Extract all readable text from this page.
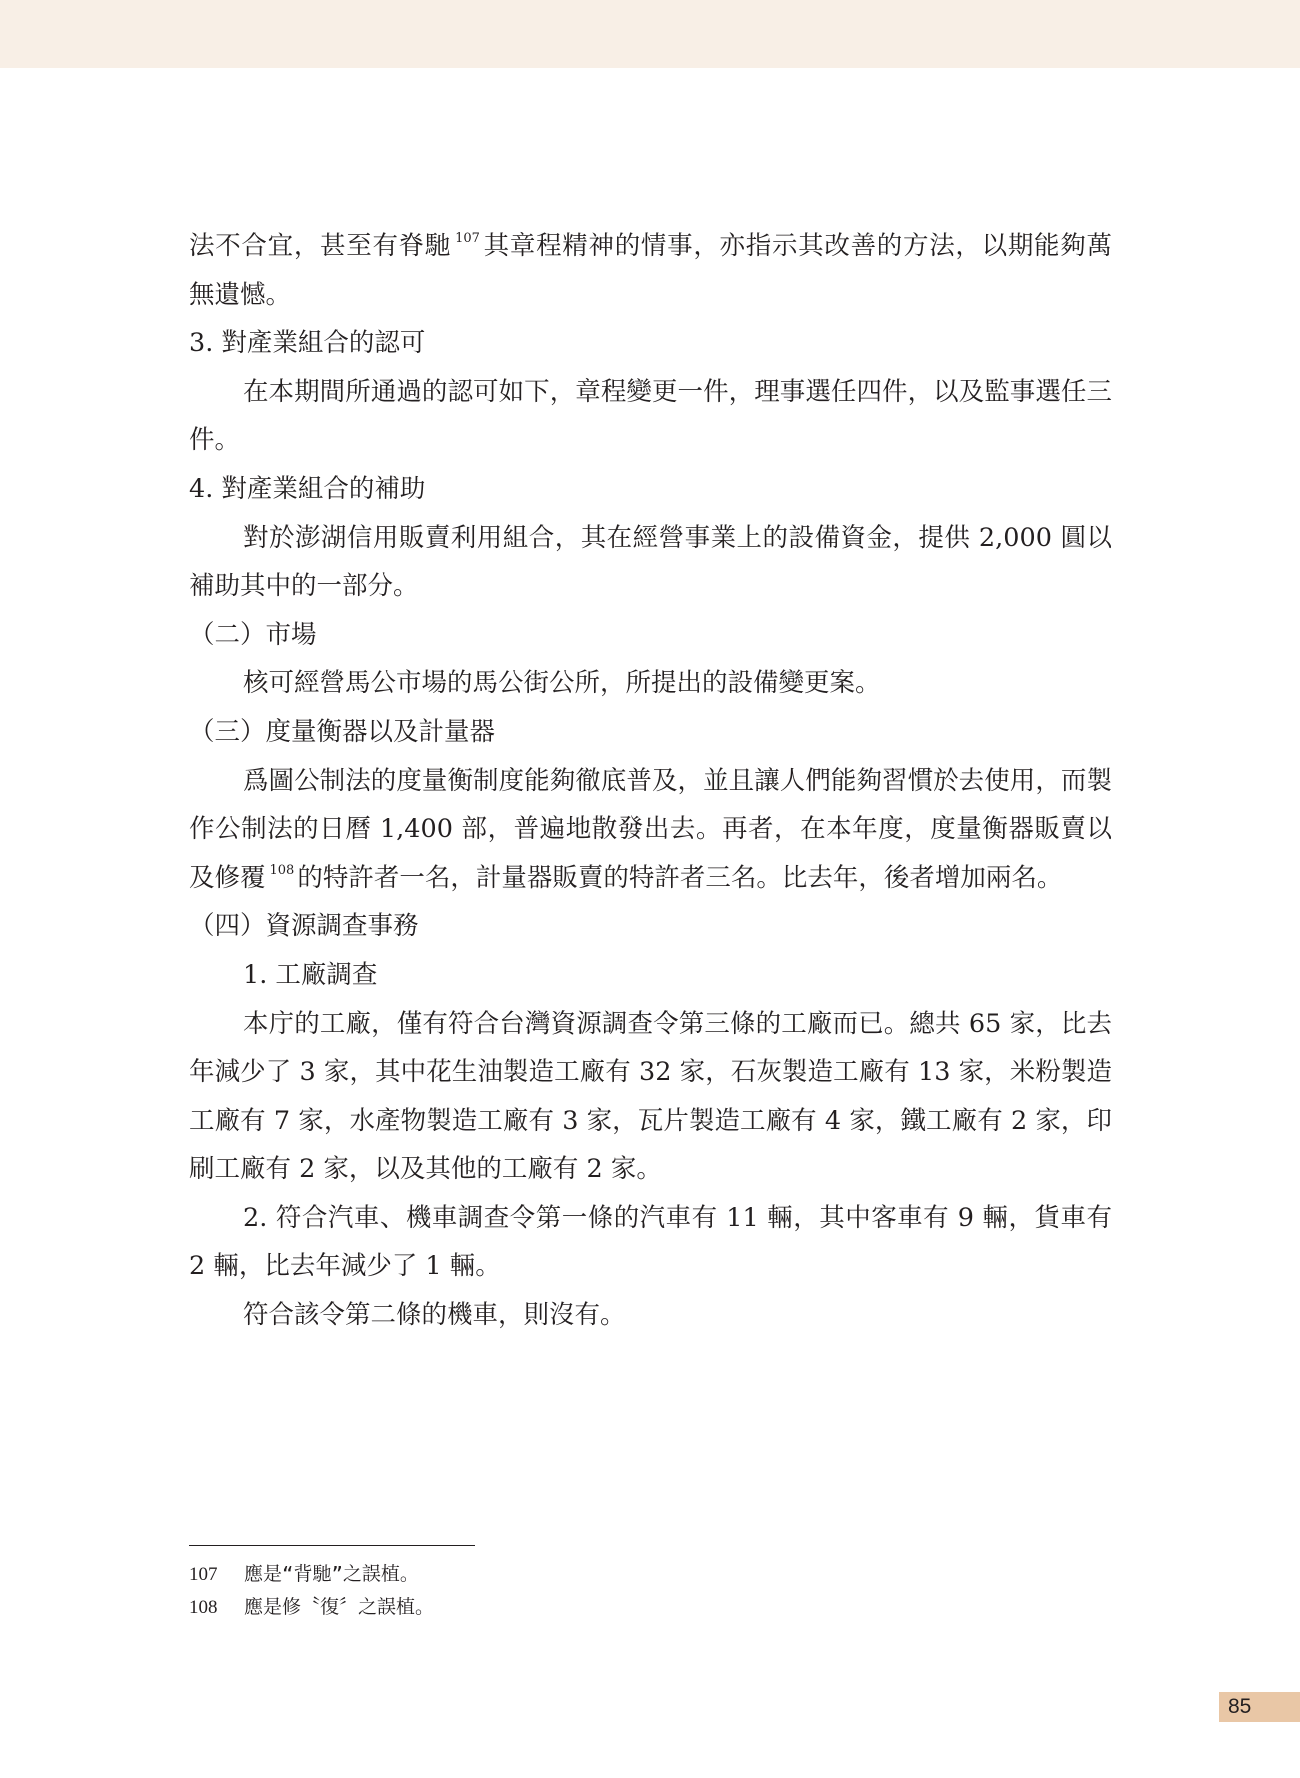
法不合宜，甚至有脊馳 $^{107}$ 其章程精神的情事，亦指示其改善的方法，以期能夠萬無遺憾。

3. 對產業組合的認可

在本期間所通過的認可如下，章程變更一件，理事選任四件，以及監事選任三件。

4. 對產業組合的補助

對於澎湖信用販賣利用組合，其在經營事業上的設備資金，提供 2,000 圓以補助其中的一部分。

（二）市場

核可經營馬公市場的馬公街公所，所提出的設備變更案。

（三）度量衡器以及計量器

爲圖公制法的度量衡制度能夠徹底普及，並且讓人們能夠習慣於去使用，而製作公制法的日曆 1,400 部，普遍地散發出去。再者，在本年度，度量衡器販賣以及修覆 $^{108}$ 的特許者一名，計量器販賣的特許者三名。比去年，後者增加兩名。

（四）資源調查事務

1. 工廠調查

本庁的工廠，僅有符合台灣資源調查令第三條的工廠而已。總共 65 家，比去年減少了 3 家，其中花生油製造工廠有 32 家，石灰製造工廠有 13 家，米粉製造工廠有 7 家，水產物製造工廠有 3 家，瓦片製造工廠有 4 家，鐵工廠有 2 家，印刷工廠有 2 家，以及其他的工廠有 2 家。

2. 符合汽車、機車調查令第一條的汽車有 11 輛，其中客車有 9 輛，貨車有 2 輛，比去年減少了 1 輛。

符合該令第二條的機車，則沒有。

107	應是“背馳”之誤植。
108	應是修〝復〞之誤植。
85
